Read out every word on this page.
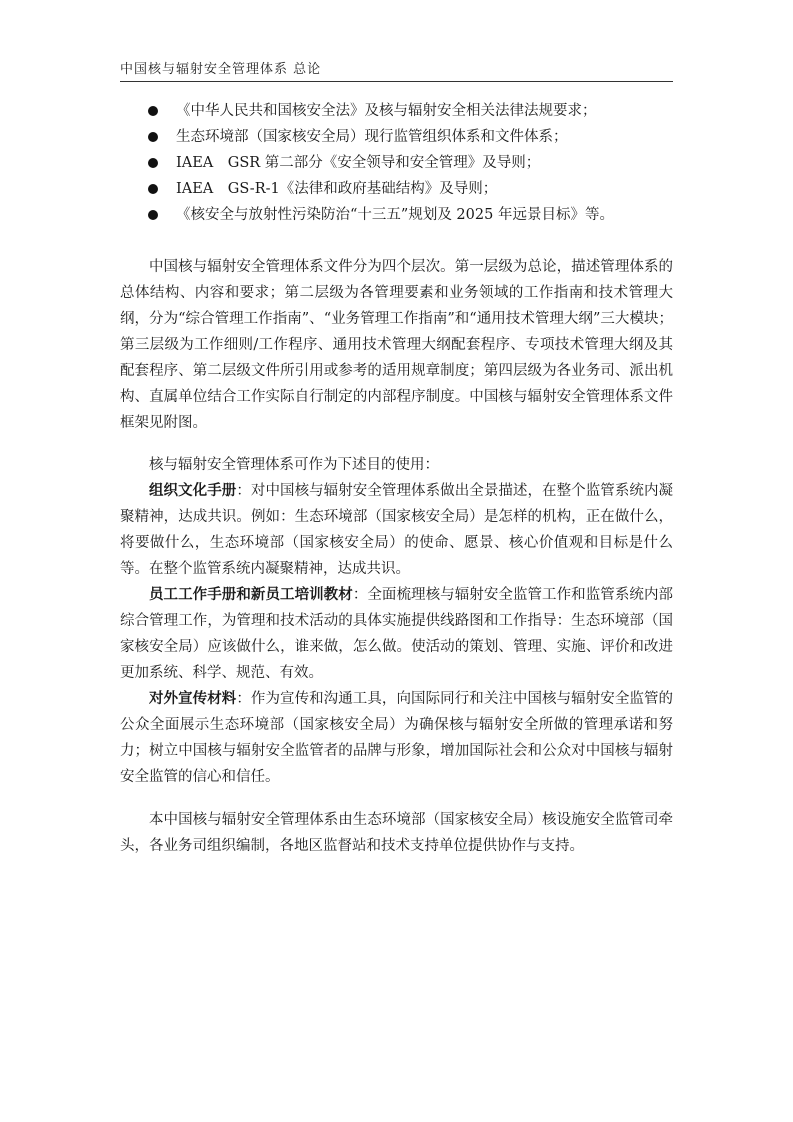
中国核与辐射安全管理体系 总论
《中华人民共和国核安全法》及核与辐射安全相关法律法规要求；
生态环境部（国家核安全局）现行监管组织体系和文件体系；
IAEA　GSR 第二部分《安全领导和安全管理》及导则；
IAEA　GS-R-1《法律和政府基础结构》及导则；
《核安全与放射性污染防治“十三五”规划及 2025 年远景目标》等。

中国核与辐射安全管理体系文件分为四个层次。第一层级为总论，描述管理体系的总体结构、内容和要求；第二层级为各管理要素和业务领域的工作指南和技术管理大纲，分为“综合管理工作指南”、“业务管理工作指南”和“通用技术管理大纲”三大模块；第三层级为工作细则/工作程序、通用技术管理大纲配套程序、专项技术管理大纲及其配套程序、第二层级文件所引用或参考的适用规章制度；第四层级为各业务司、派出机构、直属单位结合工作实际自行制定的内部程序制度。中国核与辐射安全管理体系文件框架见附图。

核与辐射安全管理体系可作为下述目的使用：

组织文化手册：对中国核与辐射安全管理体系做出全景描述，在整个监管系统内凝聚精神，达成共识。例如：生态环境部（国家核安全局）是怎样的机构，正在做什么，将要做什么，生态环境部（国家核安全局）的使命、愿景、核心价值观和目标是什么等。在整个监管系统内凝聚精神，达成共识。

员工工作手册和新员工培训教材：全面梳理核与辐射安全监管工作和监管系统内部综合管理工作，为管理和技术活动的具体实施提供线路图和工作指导：生态环境部（国家核安全局）应该做什么，谁来做，怎么做。使活动的策划、管理、实施、评价和改进更加系统、科学、规范、有效。

对外宣传材料：作为宣传和沟通工具，向国际同行和关注中国核与辐射安全监管的公众全面展示生态环境部（国家核安全局）为确保核与辐射安全所做的管理承诺和努力；树立中国核与辐射安全监管者的品牌与形象，增加国际社会和公众对中国核与辐射安全监管的信心和信任。

本中国核与辐射安全管理体系由生态环境部（国家核安全局）核设施安全监管司牵头，各业务司组织编制，各地区监督站和技术支持单位提供协作与支持。
